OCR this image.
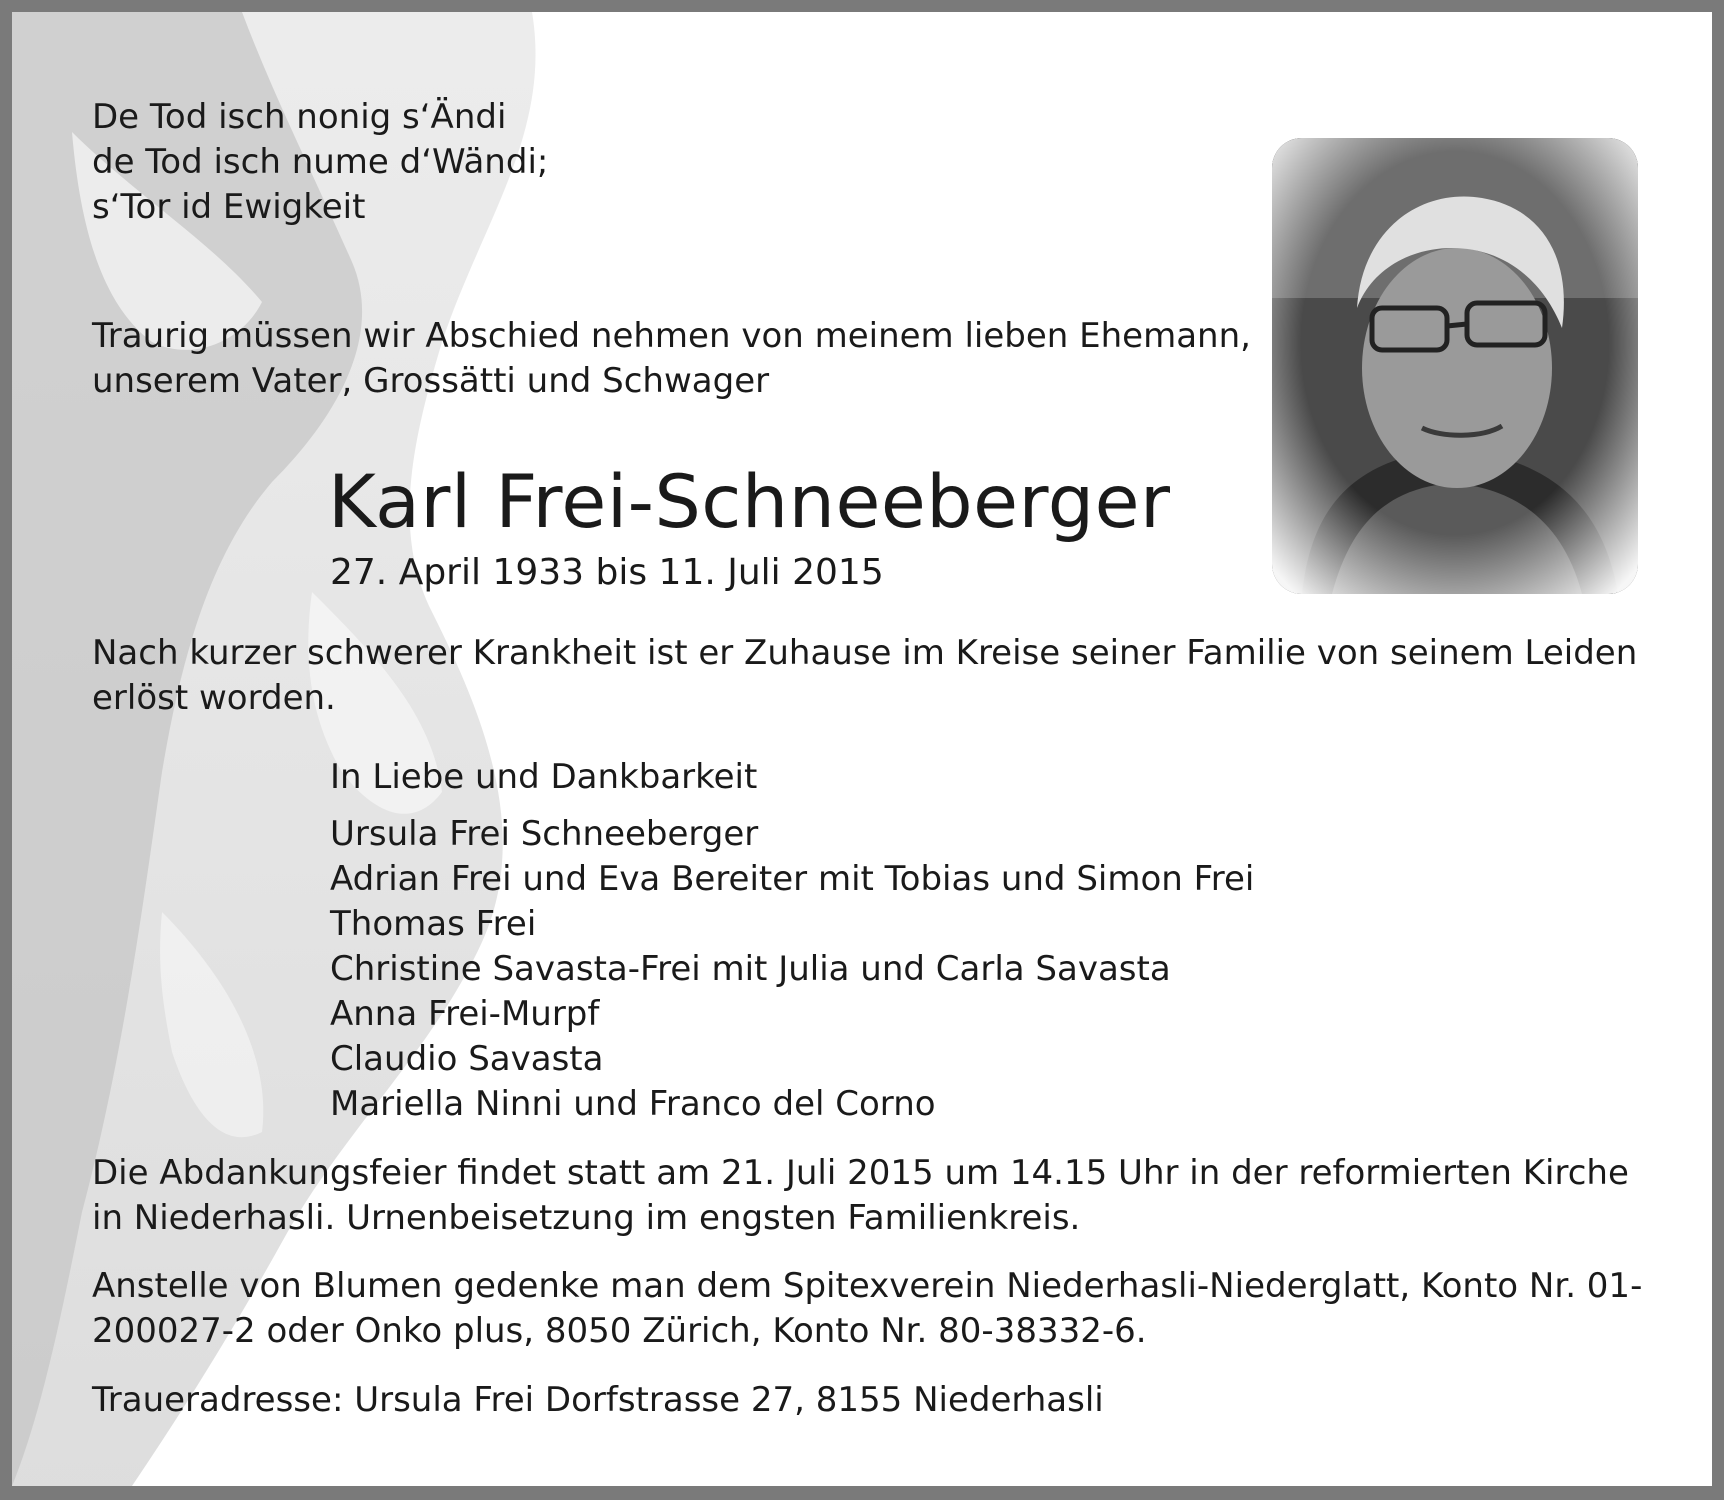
De Tod isch nonig s‘Ändi
de Tod isch nume d‘Wändi;
s‘Tor id Ewigkeit

Traurig müssen wir Abschied nehmen von meinem lieben Ehemann,
unserem Vater, Grossätti und Schwager

Karl Frei-Schneeberger

27. April 1933 bis 11. Juli 2015

Nach kurzer schwerer Krankheit ist er Zuhause im Kreise seiner Familie von seinem Leiden erlöst worden.

In Liebe und Dankbarkeit
Ursula Frei Schneeberger
Adrian Frei und Eva Bereiter mit Tobias und Simon Frei
Thomas Frei
Christine Savasta-Frei mit Julia und Carla Savasta
Anna Frei-Murpf
Claudio Savasta
Mariella Ninni und Franco del Corno

Die Abdankungsfeier findet statt am 21. Juli 2015 um 14.15 Uhr in der reformierten Kirche in Niederhasli. Urnenbeisetzung im engsten Familienkreis.

Anstelle von Blumen gedenke man dem Spitexverein Niederhasli-Niederglatt, Konto Nr. 01-200027-2 oder Onko plus, 8050 Zürich, Konto Nr. 80-38332-6.

Traueradresse: Ursula Frei Dorfstrasse 27, 8155 Niederhasli
